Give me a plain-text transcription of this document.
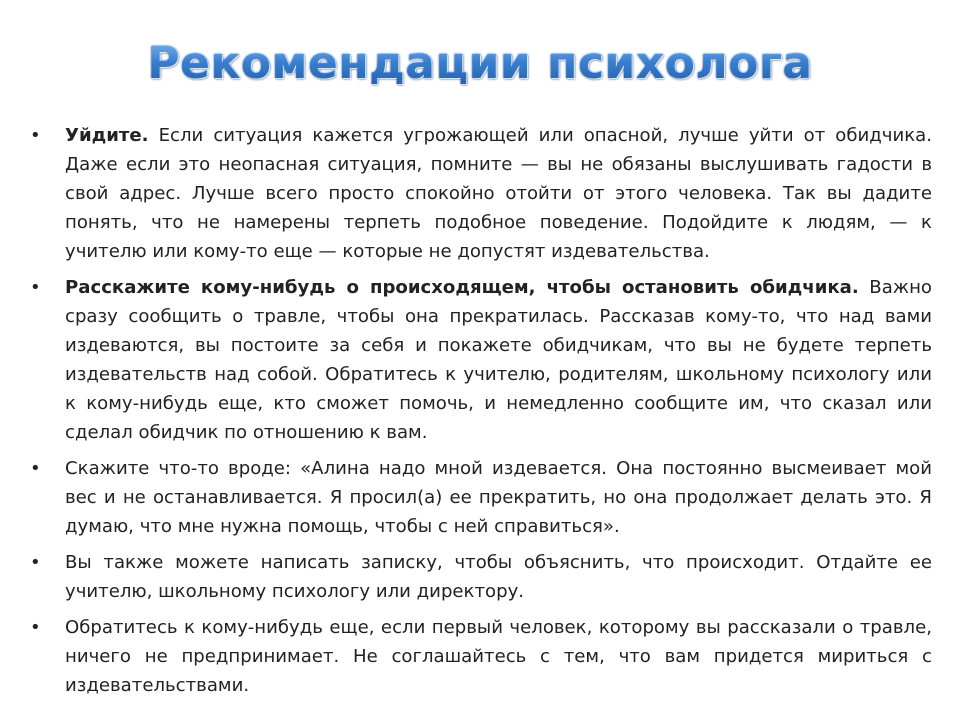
Рекомендации психолога
• Уйдите. Если ситуация кажется угрожающей или опасной, лучше уйти от обидчика. Даже если это неопасная ситуация, помните — вы не обязаны выслушивать гадости в свой адрес. Лучше всего просто спокойно отойти от этого человека. Так вы дадите понять, что не намерены терпеть подобное поведение. Подойдите к людям, — к учителю или кому-то еще — которые не допустят издевательства.
• Расскажите кому-нибудь о происходящем, чтобы остановить обидчика. Важно сразу сообщить о травле, чтобы она прекратилась. Рассказав кому-то, что над вами издеваются, вы постоите за себя и покажете обидчикам, что вы не будете терпеть издевательств над собой. Обратитесь к учителю, родителям, школьному психологу или к кому-нибудь еще, кто сможет помочь, и немедленно сообщите им, что сказал или сделал обидчик по отношению к вам.
• Скажите что-то вроде: «Алина надо мной издевается. Она постоянно высмеивает мой вес и не останавливается. Я просил(а) ее прекратить, но она продолжает делать это. Я думаю, что мне нужна помощь, чтобы с ней справиться».
• Вы также можете написать записку, чтобы объяснить, что происходит. Отдайте ее учителю, школьному психологу или директору.
• Обратитесь к кому-нибудь еще, если первый человек, которому вы рассказали о травле, ничего не предпринимает. Не соглашайтесь с тем, что вам придется мириться с издевательствами.
